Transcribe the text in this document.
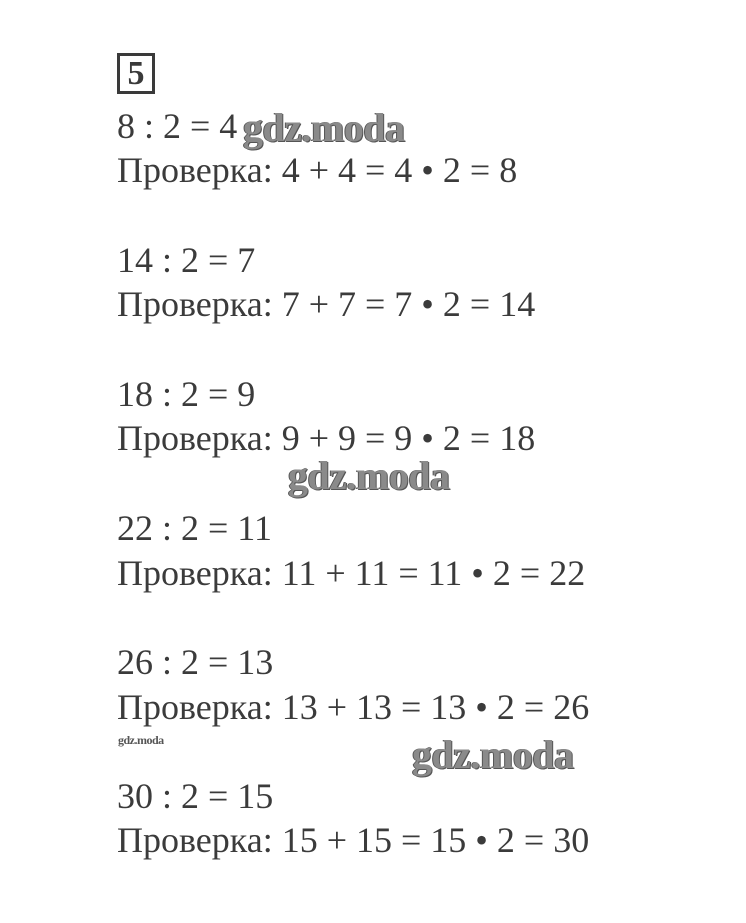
5
8 : 2 = 4
Проверка: 4 + 4 = 4 • 2 = 8
14 : 2 = 7
Проверка: 7 + 7 = 7 • 2 = 14
18 : 2 = 9
Проверка: 9 + 9 = 9 • 2 = 18
22 : 2 = 11
Проверка: 11 + 11 = 11 • 2 = 22
26 : 2 = 13
Проверка: 13 + 13 = 13 • 2 = 26
30 : 2 = 15
Проверка: 15 + 15 = 15 • 2 = 30
gdz.moda
gdz.moda
gdz.moda
gdz.moda
